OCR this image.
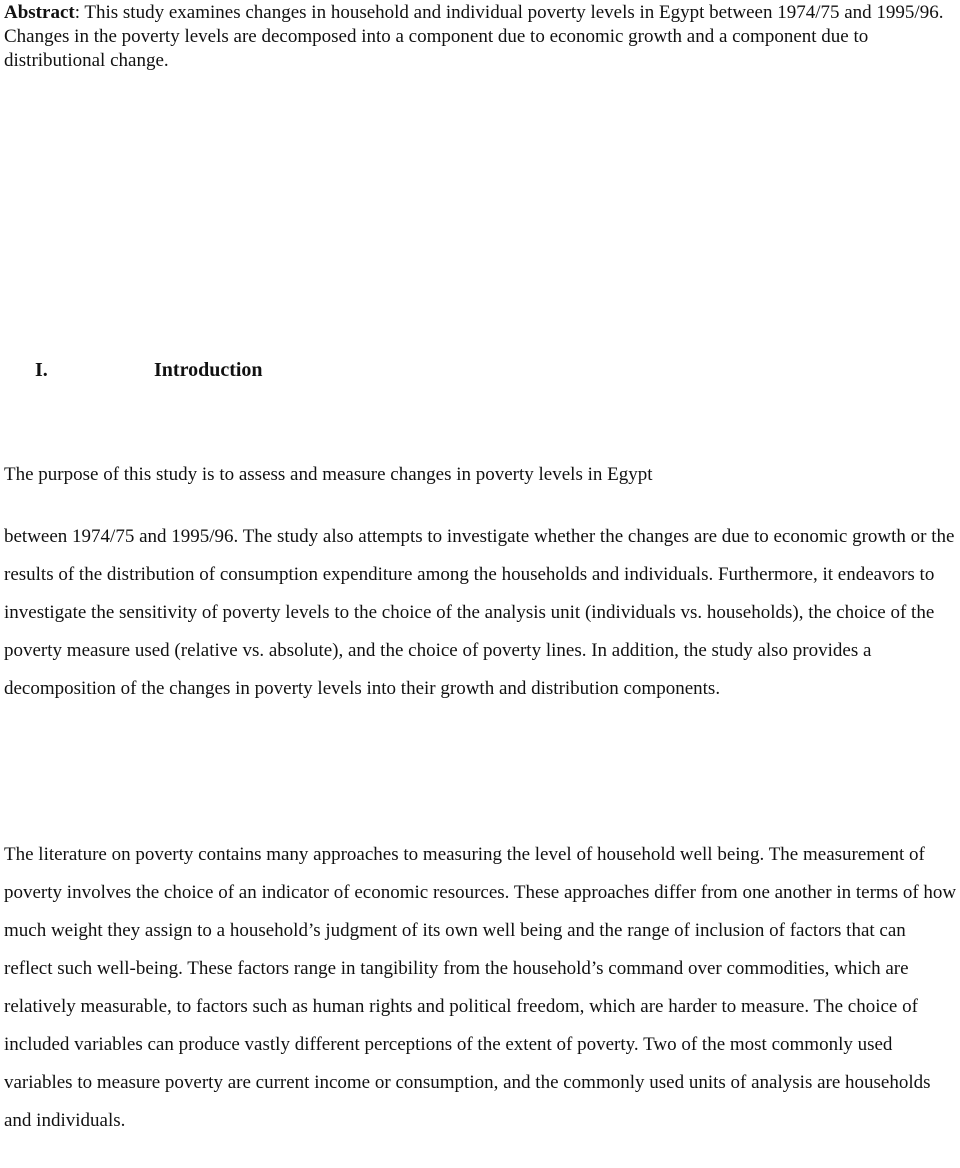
Abstract: This study examines changes in household and individual poverty levels in Egypt between 1974/75 and 1995/96. Changes in the poverty levels are decomposed into a component due to economic growth and a component due to distributional change.

I.	Introduction

The purpose of this study is to assess and measure changes in poverty levels in Egypt

between 1974/75 and 1995/96. The study also attempts to investigate whether the changes are due to economic growth or the results of the distribution of consumption expenditure among the households and individuals. Furthermore, it endeavors to investigate the sensitivity of poverty levels to the choice of the analysis unit (individuals vs. households), the choice of the poverty measure used (relative vs. absolute), and the choice of poverty lines. In addition, the study also provides a decomposition of the changes in poverty levels into their growth and distribution components.

The literature on poverty contains many approaches to measuring the level of household well being. The measurement of poverty involves the choice of an indicator of economic resources. These approaches differ from one another in terms of how much weight they assign to a household’s judgment of its own well being and the range of inclusion of factors that can reflect such well-being. These factors range in tangibility from the household’s command over commodities, which are relatively measurable, to factors such as human rights and political freedom, which are harder to measure. The choice of included variables can produce vastly different perceptions of the extent of poverty. Two of the most commonly used variables to measure poverty are current income or consumption, and the commonly used units of analysis are households and individuals.
